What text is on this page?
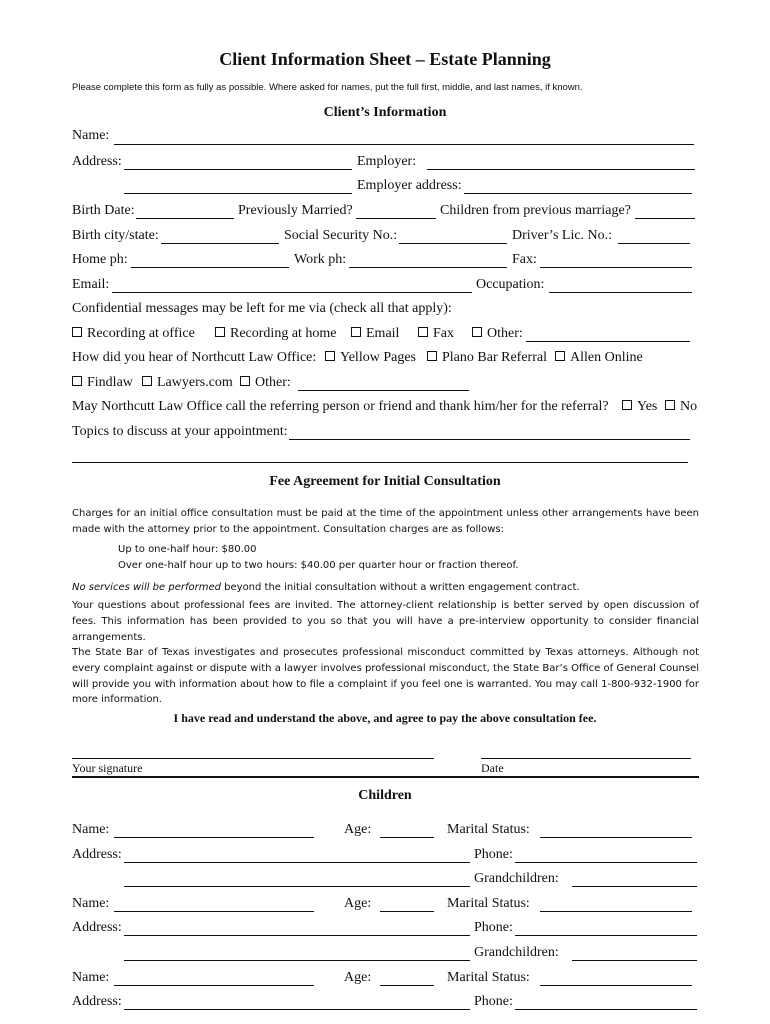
Client Information Sheet – Estate Planning
Please complete this form as fully as possible. Where asked for names, put the full first, middle, and last names, if known.
Client’s Information
Name:
Address:	Employer:
Employer address:
Birth Date:	Previously Married?	Children from previous marriage?
Birth city/state:	Social Security No.:	Driver’s Lic. No.:
Home ph:	Work ph:	Fax:
Email:	Occupation:
Confidential messages may be left for me via (check all that apply):
Recording at office	Recording at home	Email	Fax	Other:
How did you hear of Northcutt Law Office:	Yellow Pages	Plano Bar Referral	Allen Online
Findlaw	Lawyers.com	Other:
May Northcutt Law Office call the referring person or friend and thank him/her for the referral?	Yes	No
Topics to discuss at your appointment:
Fee Agreement for Initial Consultation
Charges for an initial office consultation must be paid at the time of the appointment unless other arrangements have been made with the attorney prior to the appointment. Consultation charges are as follows:
Up to one-half hour: $80.00
Over one-half hour up to two hours: $40.00 per quarter hour or fraction thereof.
No services will be performed beyond the initial consultation without a written engagement contract.
Your questions about professional fees are invited. The attorney-client relationship is better served by open discussion of fees. This information has been provided to you so that you will have a pre-interview opportunity to consider financial arrangements.
The State Bar of Texas investigates and prosecutes professional misconduct committed by Texas attorneys. Although not every complaint against or dispute with a lawyer involves professional misconduct, the State Bar’s Office of General Counsel will provide you with information about how to file a complaint if you feel one is warranted. You may call 1-800-932-1900 for more information.
I have read and understand the above, and agree to pay the above consultation fee.
Your signature	Date
Children
Name:	Age:	Marital Status:
Address:	Phone:
Grandchildren:
Name:	Age:	Marital Status:
Address:	Phone:
Grandchildren:
Name:	Age:	Marital Status:
Address:	Phone:
